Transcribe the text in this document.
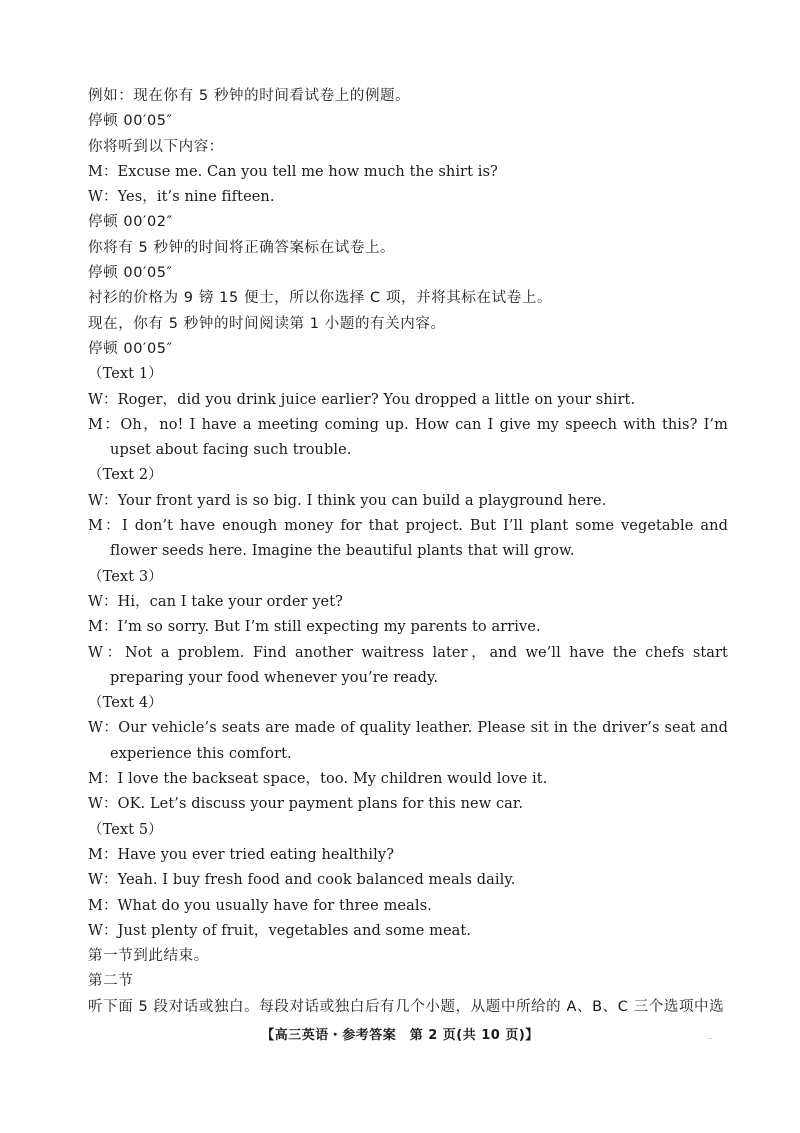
例如：现在你有 5 秒钟的时间看试卷上的例题。
停顿 00′05″
你将听到以下内容：
M：Excuse me. Can you tell me how much the shirt is?
W：Yes，it’s nine fifteen.
停顿 00′02″
你将有 5 秒钟的时间将正确答案标在试卷上。
停顿 00′05″
衬衫的价格为 9 镑 15 便士，所以你选择 C 项，并将其标在试卷上。
现在，你有 5 秒钟的时间阅读第 1 小题的有关内容。
停顿 00′05″
（Text 1）
W：Roger，did you drink juice earlier? You dropped a little on your shirt.
M：Oh，no! I have a meeting coming up. How can I give my speech with this? I’m upset about facing such trouble.
（Text 2）
W：Your front yard is so big. I think you can build a playground here.
M：I don’t have enough money for that project. But I’ll plant some vegetable and flower seeds here. Imagine the beautiful plants that will grow.
（Text 3）
W：Hi，can I take your order yet?
M：I’m so sorry. But I’m still expecting my parents to arrive.
W：Not a problem. Find another waitress later，and we’ll have the chefs start preparing your food whenever you’re ready.
（Text 4）
W：Our vehicle’s seats are made of quality leather. Please sit in the driver’s seat and experience this comfort.
M：I love the backseat space，too. My children would love it.
W：OK. Let’s discuss your payment plans for this new car.
（Text 5）
M：Have you ever tried eating healthily?
W：Yeah. I buy fresh food and cook balanced meals daily.
M：What do you usually have for three meals.
W：Just plenty of fruit，vegetables and some meat.
第一节到此结束。
第二节
听下面 5 段对话或独白。每段对话或独白后有几个小题，从题中所给的 A、B、C 三个选项中选
【高三英语・参考答案　第 2 页(共 10 页)】	..
